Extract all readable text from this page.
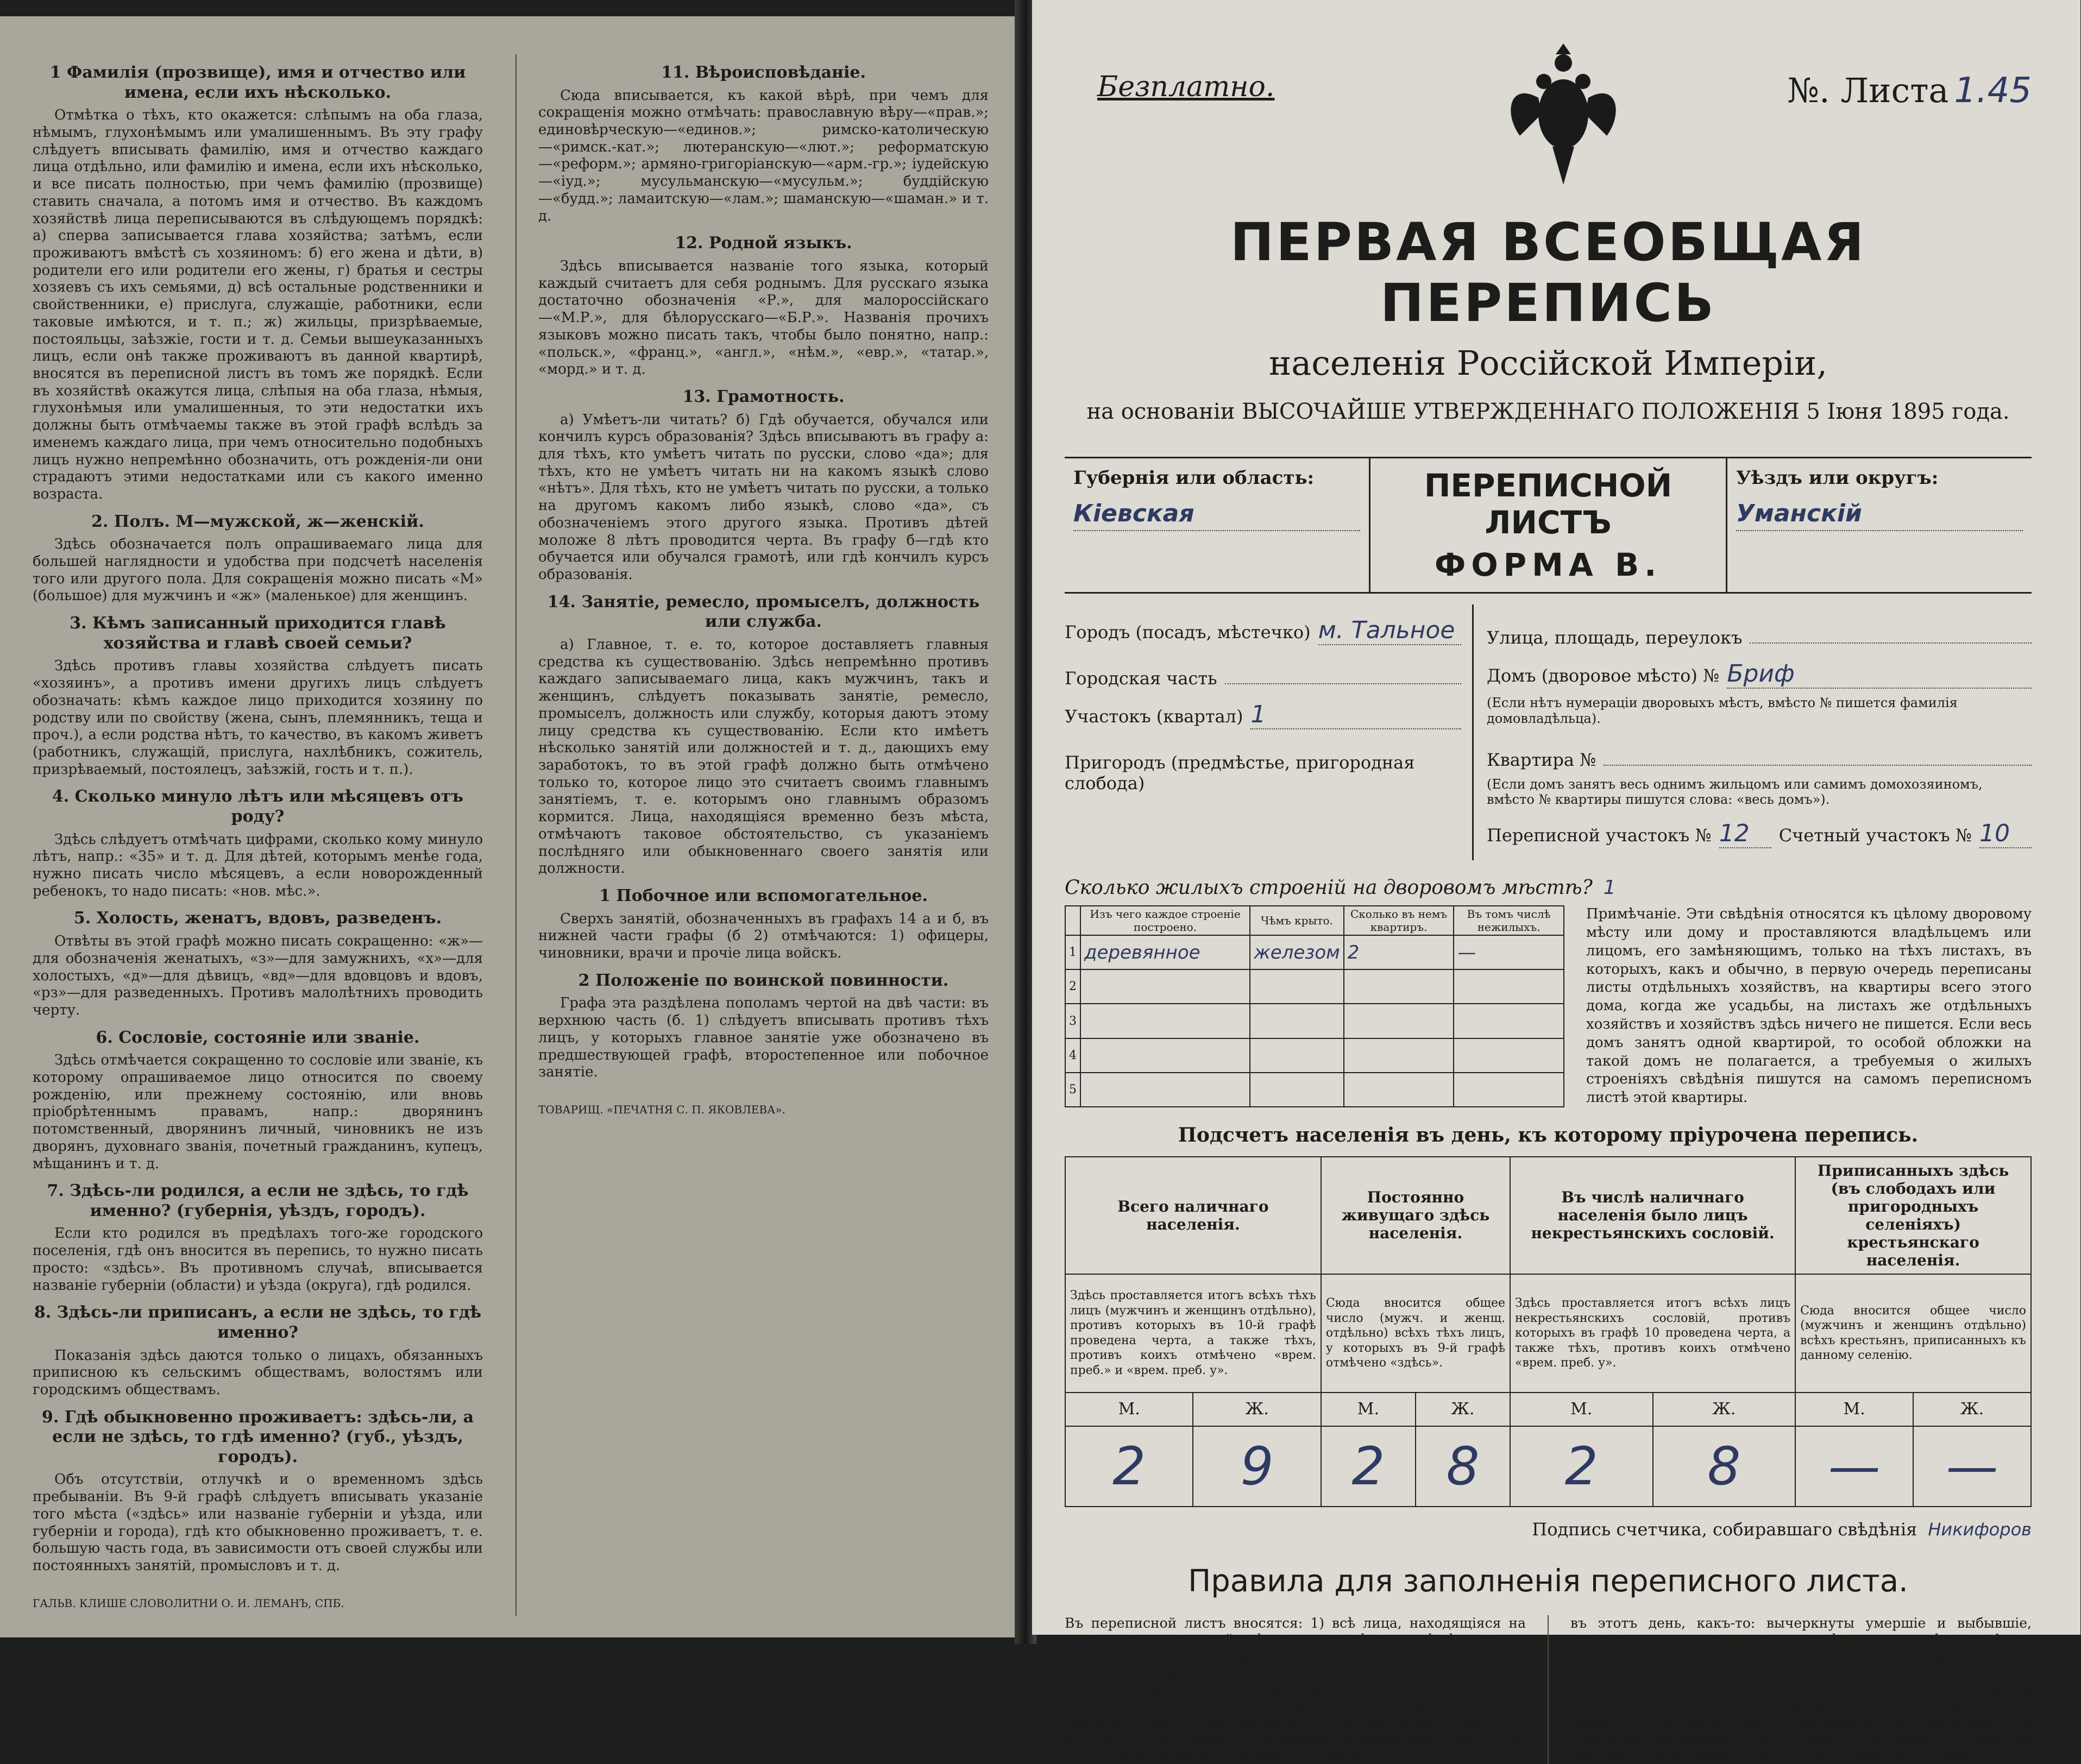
1 Фамилія (прозвище), имя и отчество или имена, если ихъ нѣсколько.

Отмѣтка о тѣхъ, кто окажется: слѣпымъ на оба глаза, нѣмымъ, глухонѣмымъ или умалишеннымъ. Въ эту графу слѣдуетъ вписывать фамилію, имя и отчество каждаго лица отдѣльно, или фамилію и имена, если ихъ нѣсколько, и все писать полностью, при чемъ фамилію (прозвище) ставить сначала, а потомъ имя и отчество. Въ каждомъ хозяйствѣ лица переписываются въ слѣдующемъ порядкѣ: а) сперва записывается глава хозяйства; затѣмъ, если проживаютъ вмѣстѣ съ хозяиномъ: б) его жена и дѣти, в) родители его или родители его жены, г) братья и сестры хозяевъ съ ихъ семьями, д) всѣ остальные родственники и свойственники, е) прислуга, служащіе, работники, если таковые имѣются, и т. п.; ж) жильцы, призрѣваемые, постояльцы, заѣзжіе, гости и т. д. Семьи вышеуказанныхъ лицъ, если онѣ также проживаютъ въ данной квартирѣ, вносятся въ переписной листъ въ томъ же порядкѣ. Если въ хозяйствѣ окажутся лица, слѣпыя на оба глаза, нѣмыя, глухонѣмыя или умалишенныя, то эти недостатки ихъ должны быть отмѣчаемы также въ этой графѣ вслѣдъ за именемъ каждаго лица, при чемъ относительно подобныхъ лицъ нужно непремѣнно обозначить, отъ рожденія-ли они страдаютъ этими недостатками или съ какого именно возраста.

2. Полъ. М—мужской, ж—женскій.

Здѣсь обозначается полъ опрашиваемаго лица для большей наглядности и удобства при подсчетѣ населенія того или другого пола. Для сокращенія можно писать «М» (большое) для мужчинъ и «ж» (маленькое) для женщинъ.

3. Кѣмъ записанный приходится главѣ хозяйства и главѣ своей семьи?

Здѣсь противъ главы хозяйства слѣдуетъ писать «хозяинъ», а противъ имени другихъ лицъ слѣдуетъ обозначать: кѣмъ каждое лицо приходится хозяину по родству или по свойству (жена, сынъ, племянникъ, теща и проч.), а если родства нѣтъ, то качество, въ какомъ живетъ (работникъ, служащій, прислуга, нахлѣбникъ, сожитель, призрѣваемый, постоялецъ, заѣзжій, гость и т. п.).

4. Сколько минуло лѣтъ или мѣсяцевъ отъ роду?

Здѣсь слѣдуетъ отмѣчать цифрами, сколько кому минуло лѣтъ, напр.: «35» и т. д. Для дѣтей, которымъ менѣе года, нужно писать число мѣсяцевъ, а если новорожденный ребенокъ, то надо писать: «нов. мѣс.».

5. Холость, женатъ, вдовъ, разведенъ.

Отвѣты въ этой графѣ можно писать сокращенно: «ж»—для обозначенія женатыхъ, «з»—для замужнихъ, «х»—для холостыхъ, «д»—для дѣвицъ, «вд»—для вдовцовъ и вдовъ, «рз»—для разведенныхъ. Противъ малолѣтнихъ проводить черту.

6. Сословіе, состояніе или званіе.

Здѣсь отмѣчается сокращенно то сословіе или званіе, къ которому опрашиваемое лицо относится по своему рожденію, или прежнему состоянію, или вновь пріобрѣтеннымъ правамъ, напр.: дворянинъ потомственный, дворянинъ личный, чиновникъ не изъ дворянъ, духовнаго званія, почетный гражданинъ, купецъ, мѣщанинъ и т. д.

7. Здѣсь-ли родился, а если не здѣсь, то гдѣ именно? (губернія, уѣздъ, городъ).

Если кто родился въ предѣлахъ того-же городского поселенія, гдѣ онъ вносится въ перепись, то нужно писать просто: «здѣсь». Въ противномъ случаѣ, вписывается названіе губерніи (области) и уѣзда (округа), гдѣ родился.

8. Здѣсь-ли приписанъ, а если не здѣсь, то гдѣ именно?

Показанія здѣсь даются только о лицахъ, обязанныхъ приписною къ сельскимъ обществамъ, волостямъ или городскимъ обществамъ.

9. Гдѣ обыкновенно проживаетъ: здѣсь-ли, а если не здѣсь, то гдѣ именно? (губ., уѣздъ, городъ).

Объ отсутствіи, отлучкѣ и о временномъ здѣсь пребываніи. Въ 9-й графѣ слѣдуетъ вписывать указаніе того мѣста («здѣсь» или названіе губерніи и уѣзда, или губерніи и города), гдѣ кто обыкновенно проживаетъ, т. е. большую часть года, въ зависимости отъ своей службы или постоянныхъ занятій, промысловъ и т. д.

ГАЛЬВ. КЛИШЕ СЛОВОЛИТНИ О. И. ЛЕМАНЪ, СПБ.
11. Вѣроисповѣданіе.

Сюда вписывается, къ какой вѣрѣ, при чемъ для сокращенія можно отмѣчать: православную вѣру—«прав.»; единовѣрческую—«единов.»; римско-католическую—«римск.-кат.»; лютеранскую—«лют.»; реформатскую—«реформ.»; армяно-григоріанскую—«арм.-гр.»; іудейскую—«іуд.»; мусульманскую—«мусульм.»; буддійскую—«будд.»; ламаитскую—«лам.»; шаманскую—«шаман.» и т. д.

12. Родной языкъ.

Здѣсь вписывается названіе того языка, который каждый считаетъ для себя роднымъ. Для русскаго языка достаточно обозначенія «Р.», для малороссійскаго—«М.Р.», для бѣлорусскаго—«Б.Р.». Названія прочихъ языковъ можно писать такъ, чтобы было понятно, напр.: «польск.», «франц.», «англ.», «нѣм.», «евр.», «татар.», «морд.» и т. д.

13. Грамотность.

а) Умѣетъ-ли читать? б) Гдѣ обучается, обучался или кончилъ курсъ образованія? Здѣсь вписываютъ въ графу а: для тѣхъ, кто умѣетъ читать по русски, слово «да»; для тѣхъ, кто не умѣетъ читать ни на какомъ языкѣ слово «нѣтъ». Для тѣхъ, кто не умѣетъ читать по русски, а только на другомъ какомъ либо языкѣ, слово «да», съ обозначеніемъ этого другого языка. Противъ дѣтей моложе 8 лѣтъ проводится черта. Въ графу б—гдѣ кто обучается или обучался грамотѣ, или гдѣ кончилъ курсъ образованія.

14. Занятіе, ремесло, промыселъ, должность или служба.

а) Главное, т. е. то, которое доставляетъ главныя средства къ существованію. Здѣсь непремѣнно противъ каждаго записываемаго лица, какъ мужчинъ, такъ и женщинъ, слѣдуетъ показывать занятіе, ремесло, промыселъ, должность или службу, которыя даютъ этому лицу средства къ существованію. Если кто имѣетъ нѣсколько занятій или должностей и т. д., дающихъ ему заработокъ, то въ этой графѣ должно быть отмѣчено только то, которое лицо это считаетъ своимъ главнымъ занятіемъ, т. е. которымъ оно главнымъ образомъ кормится. Лица, находящіяся временно безъ мѣста, отмѣчаютъ таковое обстоятельство, съ указаніемъ послѣдняго или обыкновеннаго своего занятія или должности.

1 Побочное или вспомогательное.

Сверхъ занятій, обозначенныхъ въ графахъ 14 а и б, въ нижней части графы (б 2) отмѣчаются: 1) офицеры, чиновники, врачи и прочіе лица войскъ.

2 Положеніе по воинской повинности.

Графа эта раздѣлена пополамъ чертой на двѣ части: въ верхнюю часть (б. 1) слѣдуетъ вписывать противъ тѣхъ лицъ, у которыхъ главное занятіе уже обозначено въ предшествующей графѣ, второстепенное или побочное занятіе.

ТОВАРИЩ. «ПЕЧАТНЯ С. П. ЯКОВЛЕВА».
Безплатно.	№. Листа 1.45
ПЕРВАЯ ВСЕОБЩАЯ ПЕРЕПИСЬ
населенія Россійской Имперіи,
на основаніи ВЫСОЧАЙШЕ УТВЕРЖДЕННАГО ПОЛОЖЕНІЯ 5 Іюня 1895 года.
Губернія или область:
Кіевская
ПЕРЕПИСНОЙ ЛИСТЪ
ФОРМА В.
Уѣздъ или округъ:
Уманскій
Городъ (посадъ, мѣстечко) м. Тальное
Городская часть
Участокъ (квартал) 1
Пригородъ (предмѣстье, пригородная слобода)
Улица, площадь, переулокъ
Домъ (дворовое мѣсто) № Бриф
(Если нѣтъ нумераціи дворовыхъ мѣстъ, вмѣсто № пишется фамилія домовладѣльца).
Квартира №
(Если домъ занятъ весь однимъ жильцомъ или самимъ домохозяиномъ, вмѣсто № квартиры пишутся слова: «весь домъ»).
Переписной участокъ № 12	Счетный участокъ № 10
Сколько жилыхъ строеній на дворовомъ мѣстѣ? 1
	Изъ чего каждое строеніе построено.	Чѣмъ крыто.	Сколько въ немъ квартиръ.	Въ томъ числѣ нежилыхъ.
1	деревянное	железом	2	—
2				
3				
4				
5				
Примѣчаніе. Эти свѣдѣнія относятся къ цѣлому дворовому мѣсту или дому и проставляются владѣльцемъ или лицомъ, его замѣняющимъ, только на тѣхъ листахъ, въ которыхъ, какъ и обычно, в первую очередь переписаны листы отдѣльныхъ хозяйствъ, на квартиры всего этого дома, когда же усадьбы, на листахъ же отдѣльныхъ хозяйствъ и хозяйствъ здѣсь ничего не пишется. Если весь домъ занятъ одной квартирой, то особой обложки на такой домъ не полагается, а требуемыя о жилыхъ строеніяхъ свѣдѣнія пишутся на самомъ переписномъ листѣ этой квартиры.
Подсчетъ населенія въ день, къ которому пріурочена перепись.
Всего наличнаго населенія.		Постоянно живущаго здѣсь населенія.		Въ числѣ наличнаго населенія было лицъ некрестьянскихъ сословій.		Приписанныхъ здѣсь (въ слободахъ или пригородныхъ селеніяхъ) крестьянскаго населенія.	
Здѣсь проставляется итогъ всѣхъ тѣхъ лицъ (мужчинъ и женщинъ отдѣльно), противъ которыхъ въ 10-й графѣ проведена черта, а также тѣхъ, противъ коихъ отмѣчено «врем. преб.» и «врем. преб. у».		Сюда вносится общее число (мужч. и женщ. отдѣльно) всѣхъ тѣхъ лицъ, у которыхъ въ 9-й графѣ отмѣчено «здѣсь».		Здѣсь проставляется итогъ всѣхъ лицъ некрестьянскихъ сословій, противъ которыхъ въ графѣ 10 проведена черта, а также тѣхъ, противъ коихъ отмѣчено «врем. преб. у».		Сюда вносится общее число (мужчинъ и женщинъ отдѣльно) всѣхъ крестьянъ, приписанныхъ къ данному селенію.	
М.	Ж.	М.	Ж.	М.	Ж.	М.	Ж.
2	9	2	8	2	8	—	—
Подпись счетчика, собиравшаго свѣдѣнія Никифоров
Правила для заполненія переписного листа.
Въ переписной листъ вносятся: 1) всѣ лица, находящіяся на лицо въ данномъ хозяйствѣ или квартирѣ, т. е. всѣ тѣ, которые пробыли въ данной квартирѣ ночь, предшествовавшую тому дню, къ которому пріурочивается перепись, и прибыли въ квартиру утромъ того дня, проведя ночь въ пути, безразлично кто, отъ постояннаго ли онъ жителя данной мѣстности или находится здѣсь только временно (за исключеніемъ солдатъ на постоѣ); 2) всѣ лица, обыкновенно проживающія здѣсь, но отсутствующія въ ночь на день переписи.
въ этотъ день, какъ-то: вычеркнуты умершіе и выбывшіе, приписаны, съ надлежащими отмѣтками во всѣхъ графахъ, родившіеся и вновь прибывшіе. Свѣдѣнія слѣдуетъ писать четко, отдѣльно о каждомъ лицѣ, чтобы вся запись умѣстилась внутри клѣтки, отнюдь не переходя за ея границы. Каждый листъ предназначенъ для записыванія свѣдѣній о десяти (10) лицахъ; если число лицъ, находящихся въ квартирѣ или хозяйствѣ, превышаетъ 10, то берется потребное количество листовъ. (Продолженіе слѣдуетъ на четвертой страницѣ).
